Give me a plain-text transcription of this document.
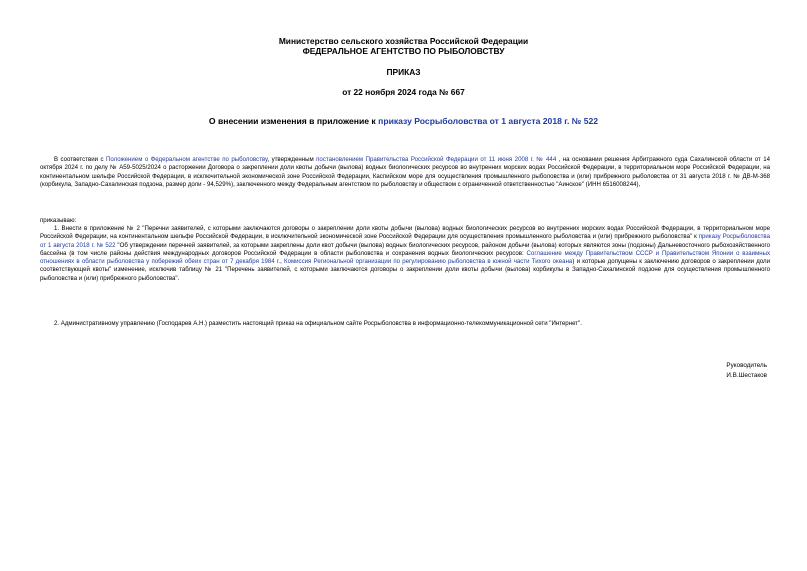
Министерство сельского хозяйства Российской Федерации
ФЕДЕРАЛЬНОЕ АГЕНТСТВО ПО РЫБОЛОВСТВУ
ПРИКАЗ
от 22 ноября 2024 года № 667
О внесении изменения в приложение к приказу Росрыболовства от 1 августа 2018 г. № 522
В соответствии с Положением о Федеральном агентстве по рыболовству, утвержденным постановлением Правительства Российской Федерации от 11 июня 2008 г. № 444 , на основании решения Арбитражного суда Сахалинской области от 14 октября 2024 г. по делу № А59-5025/2024 о расторжении Договора о закреплении доли квоты добычи (вылова) водных биологических ресурсов во внутренних морских водах Российской Федерации, в территориальном море Российской Федерации, на континентальном шельфе Российской Федерации, в исключительной экономической зоне Российской Федерации, Каспийском море для осуществления промышленного рыболовства и (или) прибрежного рыболовства от 31 августа 2018 г. № ДВ-М-368 (корбикула, Западно-Сахалинская подзона, размер доли - 94,529%), заключенного между Федеральным агентством по рыболовству и обществом с ограниченной ответственностью "Аинское" (ИНН 6516008244),
приказываю:
1. Внести в приложение № 2 "Перечни заявителей, с которыми заключаются договоры о закреплении доли квоты добычи (вылова) водных биологических ресурсов во внутренних морских водах Российской Федерации, в территориальном море Российской Федерации, на континентальном шельфе Российской Федерации, в исключительной экономической зоне Российской Федерации для осуществления промышленного рыболовства и (или) прибрежного рыболовства" к приказу Росрыболовства от 1 августа 2018 г. № 522 "Об утверждении перечней заявителей, за которыми закреплены доли квот добычи (вылова) водных биологических ресурсов, районом добычи (вылова) которых являются зоны (подзоны) Дальневосточного рыбохозяйственного бассейна (в том числе районы действия международных договоров Российской Федерации в области рыболовства и сохранения водных биологических ресурсов: Соглашение между Правительством СССР и Правительством Японии о взаимных отношениях в области рыболовства у побережий обеих стран от 7 декабря 1984 г., Комиссия Региональной организации по регулированию рыболовства в южной части Тихого океана) и которые допущены к заключению договоров о закреплении доли соответствующей квоты" изменение, исключив таблицу № 21 "Перечень заявителей, с которыми заключаются договоры о закреплении доли квоты добычи (вылова) корбикулы в Западно-Сахалинской подзоне для осуществления промышленного рыболовства и (или) прибрежного рыболовства".
2. Административному управлению (Господарев А.Н.) разместить настоящий приказ на официальном сайте Росрыболовства в информационно-телекоммуникационной сети "Интернет".
Руководитель
И.В.Шестаков
